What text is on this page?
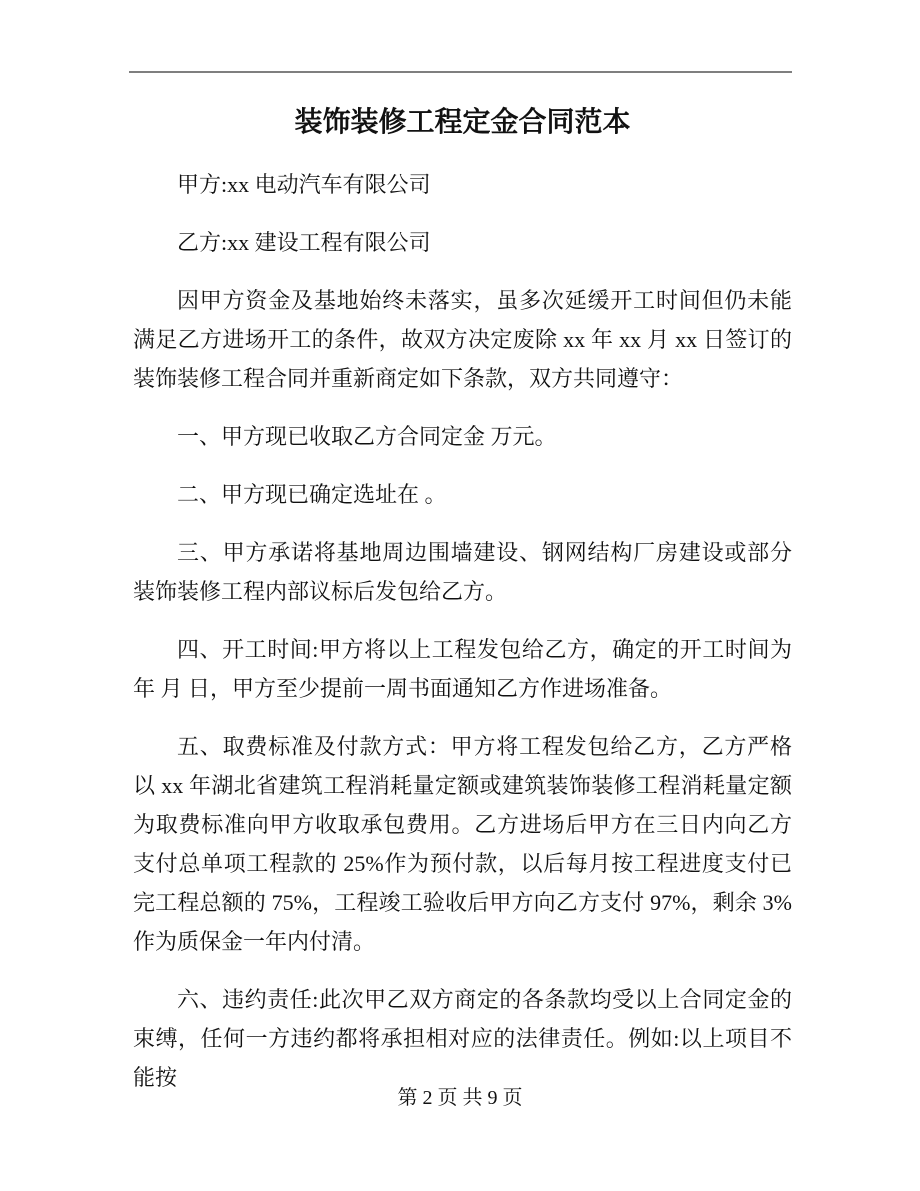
装饰装修工程定金合同范本

甲方:xx 电动汽车有限公司

乙方:xx 建设工程有限公司

因甲方资金及基地始终未落实，虽多次延缓开工时间但仍未能满足乙方进场开工的条件，故双方决定废除 xx 年 xx 月 xx 日签订的装饰装修工程合同并重新商定如下条款，双方共同遵守：

一、甲方现已收取乙方合同定金 万元。

二、甲方现已确定选址在 。

三、甲方承诺将基地周边围墙建设、钢网结构厂房建设或部分装饰装修工程内部议标后发包给乙方。

四、开工时间:甲方将以上工程发包给乙方，确定的开工时间为 年 月 日，甲方至少提前一周书面通知乙方作进场准备。

五、取费标准及付款方式：甲方将工程发包给乙方，乙方严格以 xx 年湖北省建筑工程消耗量定额或建筑装饰装修工程消耗量定额为取费标准向甲方收取承包费用。乙方进场后甲方在三日内向乙方支付总单项工程款的 25%作为预付款，以后每月按工程进度支付已完工程总额的 75%，工程竣工验收后甲方向乙方支付 97%，剩余 3%作为质保金一年内付清。

六、违约责任:此次甲乙双方商定的各条款均受以上合同定金的束缚，任何一方违约都将承担相对应的法律责任。例如:以上项目不能按

第 2 页 共 9 页
